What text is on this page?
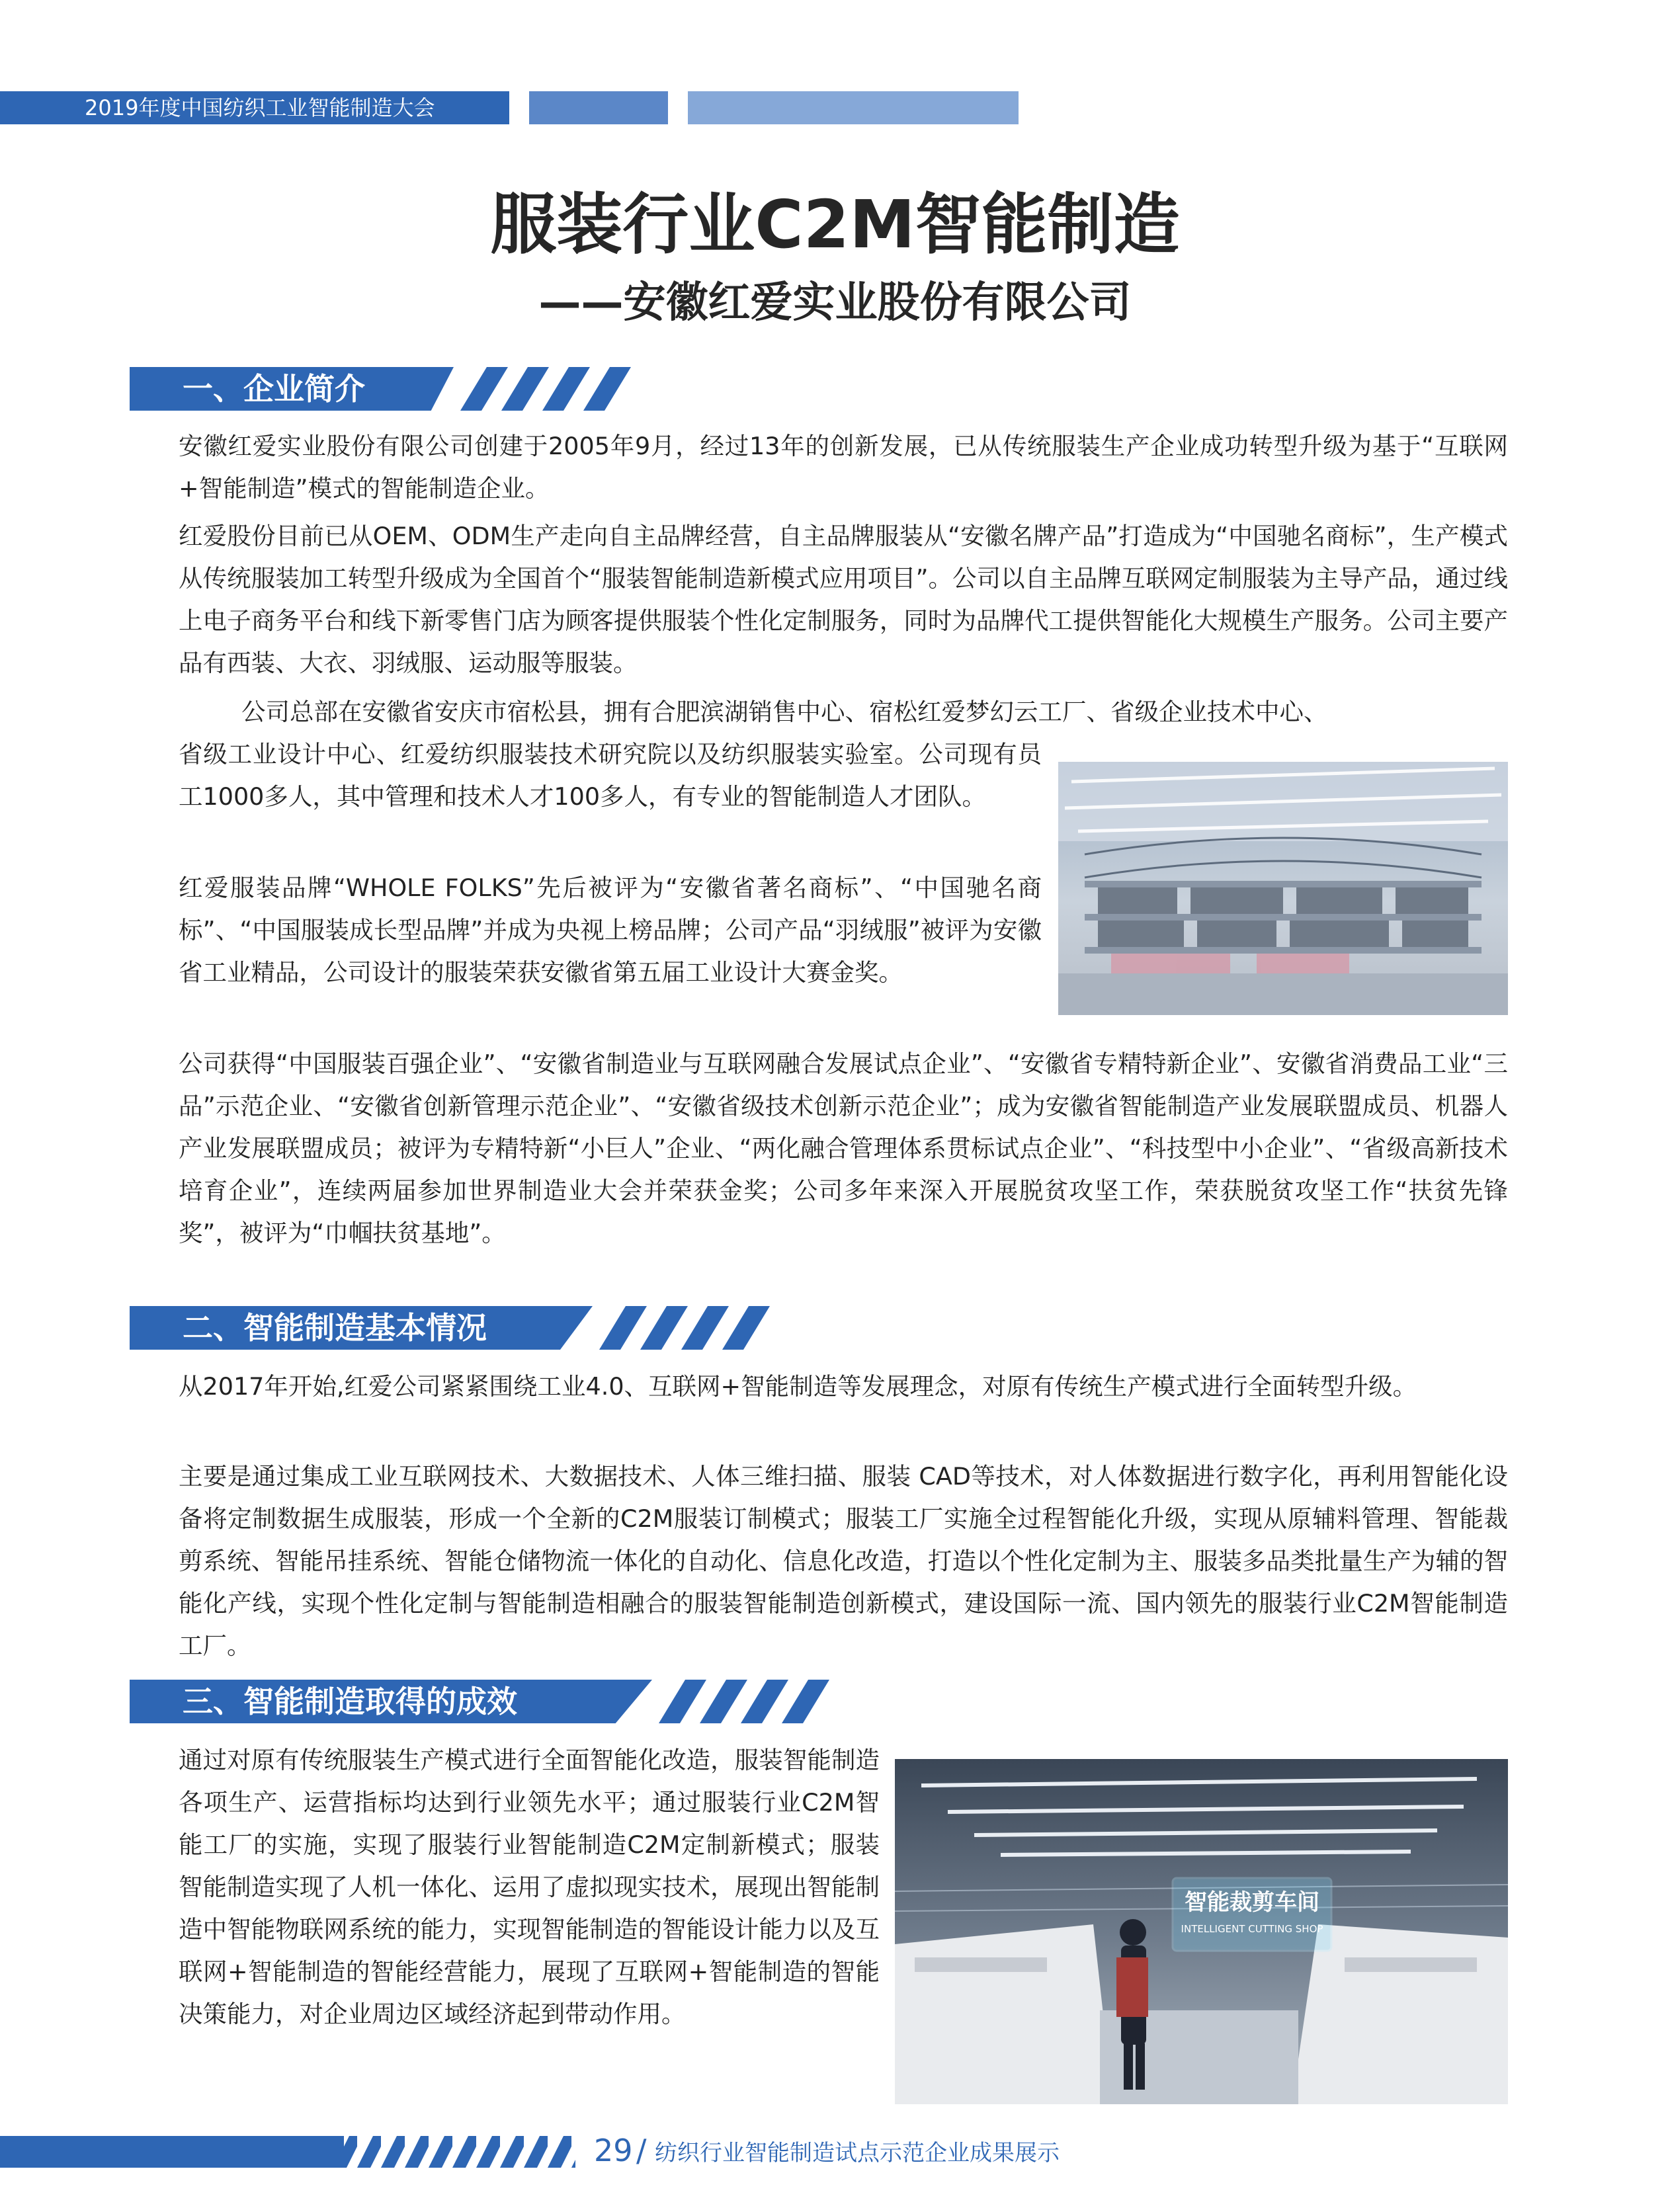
2019年度中国纺织工业智能制造大会
服装行业C2M智能制造
——安徽红爱实业股份有限公司
一、企业简介

安徽红爱实业股份有限公司创建于2005年9月，经过13年的创新发展，已从传统服装生产企业成功转型升级为基于“互联网+智能制造”模式的智能制造企业。

红爱股份目前已从OEM、ODM生产走向自主品牌经营，自主品牌服装从“安徽名牌产品”打造成为“中国驰名商标”，生产模式从传统服装加工转型升级成为全国首个“服装智能制造新模式应用项目”。公司以自主品牌互联网定制服装为主导产品，通过线上电子商务平台和线下新零售门店为顾客提供服装个性化定制服务，同时为品牌代工提供智能化大规模生产服务。公司主要产品有西装、大衣、羽绒服、运动服等服装。

公司总部在安徽省安庆市宿松县，拥有合肥滨湖销售中心、宿松红爱梦幻云工厂、省级企业技术中心、

省级工业设计中心、红爱纺织服装技术研究院以及纺织服装实验室。公司现有员工1000多人，其中管理和技术人才100多人，有专业的智能制造人才团队。

红爱服装品牌“WHOLE FOLKS”先后被评为“安徽省著名商标”、“中国驰名商标”、“中国服装成长型品牌”并成为央视上榜品牌；公司产品“羽绒服”被评为安徽省工业精品，公司设计的服装荣获安徽省第五届工业设计大赛金奖。

公司获得“中国服装百强企业”、“安徽省制造业与互联网融合发展试点企业”、“安徽省专精特新企业”、安徽省消费品工业“三品”示范企业、“安徽省创新管理示范企业”、“安徽省级技术创新示范企业”；成为安徽省智能制造产业发展联盟成员、机器人产业发展联盟成员；被评为专精特新“小巨人”企业、“两化融合管理体系贯标试点企业”、“科技型中小企业”、“省级高新技术培育企业”，连续两届参加世界制造业大会并荣获金奖；公司多年来深入开展脱贫攻坚工作，荣获脱贫攻坚工作“扶贫先锋奖”，被评为“巾帼扶贫基地”。

二、智能制造基本情况

从2017年开始,红爱公司紧紧围绕工业4.0、互联网+智能制造等发展理念，对原有传统生产模式进行全面转型升级。

主要是通过集成工业互联网技术、大数据技术、人体三维扫描、服装 CAD等技术，对人体数据进行数字化，再利用智能化设备将定制数据生成服装，形成一个全新的C2M服装订制模式；服装工厂实施全过程智能化升级，实现从原辅料管理、智能裁剪系统、智能吊挂系统、智能仓储物流一体化的自动化、信息化改造，打造以个性化定制为主、服装多品类批量生产为辅的智能化产线，实现个性化定制与智能制造相融合的服装智能制造创新模式，建设国际一流、国内领先的服装行业C2M智能制造工厂。

三、智能制造取得的成效

通过对原有传统服装生产模式进行全面智能化改造，服装智能制造各项生产、运营指标均达到行业领先水平；通过服装行业C2M智能工厂的实施，实现了服装行业智能制造C2M定制新模式；服装智能制造实现了人机一体化、运用了虚拟现实技术，展现出智能制造中智能物联网系统的能力，实现智能制造的智能设计能力以及互联网+智能制造的智能经营能力，展现了互联网+智能制造的智能决策能力，对企业周边区域经济起到带动作用。

智能裁剪车间
INTELLIGENT CUTTING SHOP
29 / 纺织行业智能制造试点示范企业成果展示
